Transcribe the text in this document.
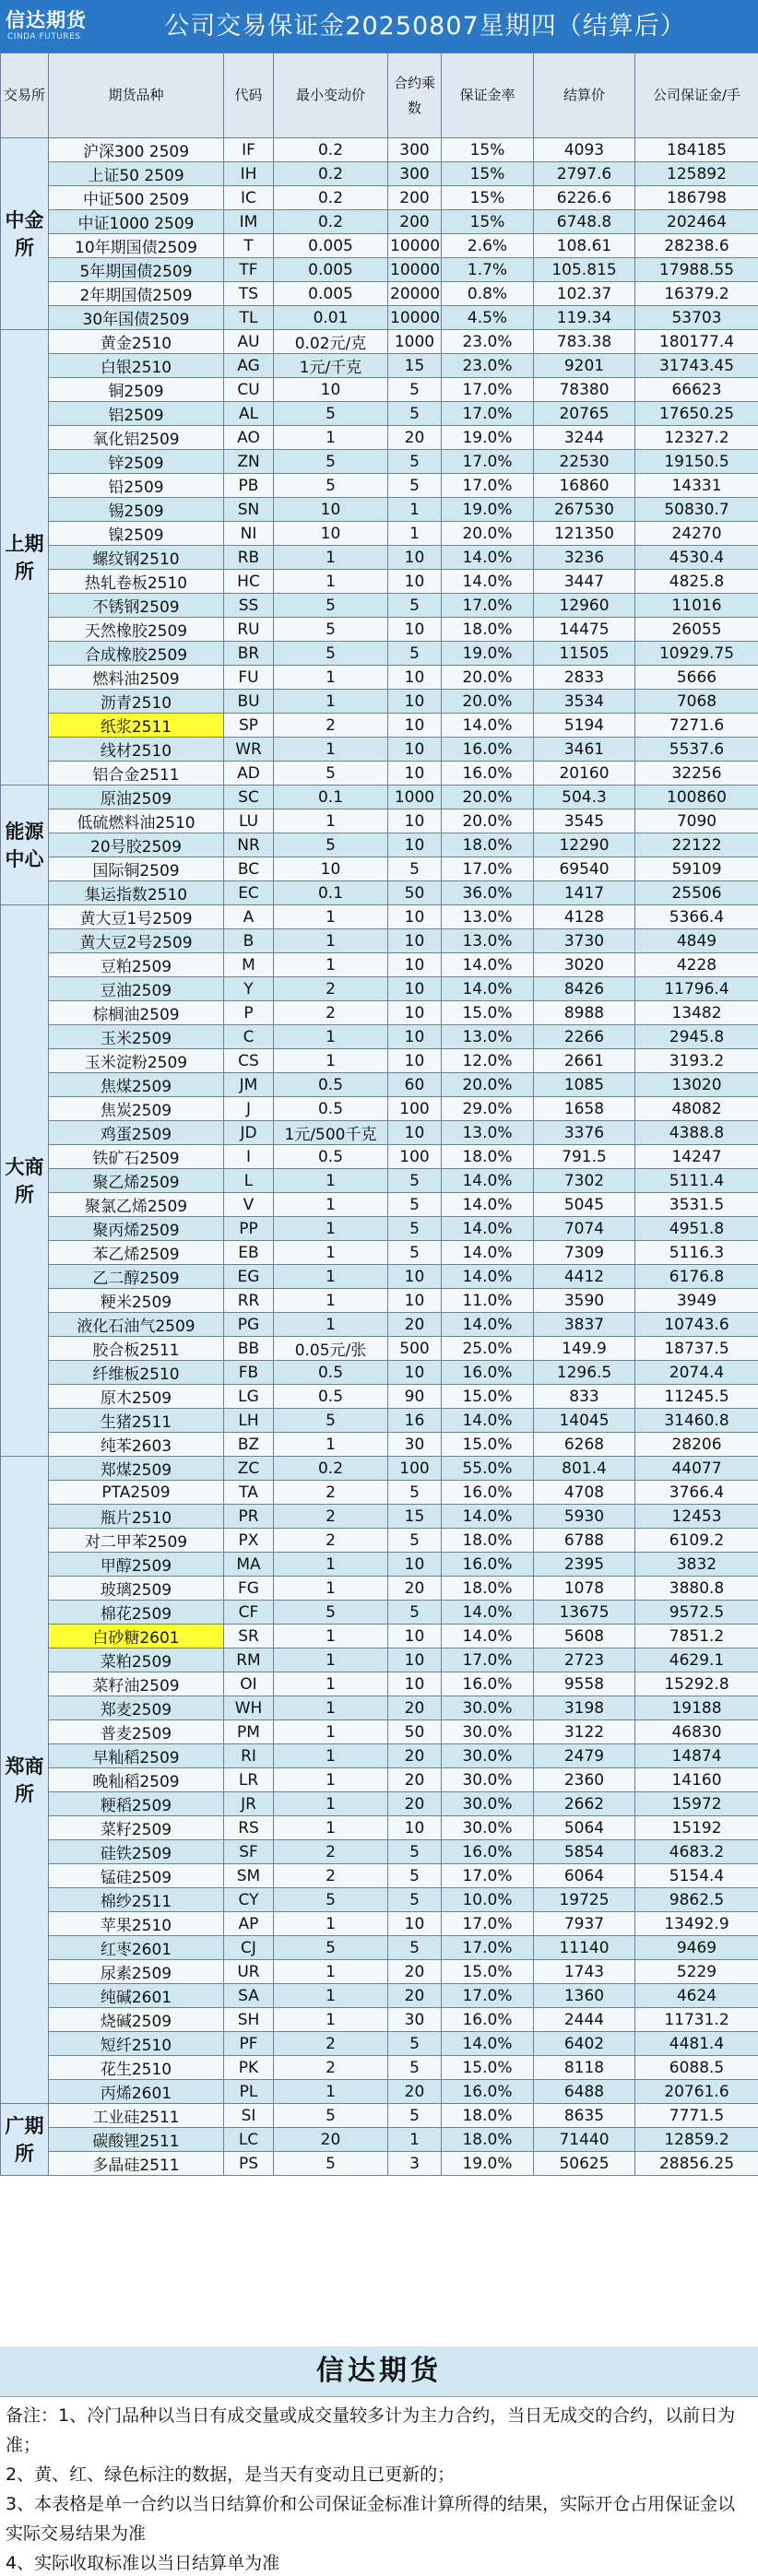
信达期货
CINDA FUTURES	公司交易保证金20250807星期四（结算后）
交易所	期货品种	代码	最小变动价	合约乘数	保证金率	结算价	公司保证金/手
中金所	沪深300 2509	IF	0.2	300	15%	4093	184185
	上证50 2509	IH	0.2	300	15%	2797.6	125892
	中证500 2509	IC	0.2	200	15%	6226.6	186798
	中证1000 2509	IM	0.2	200	15%	6748.8	202464
	10年期国债2509	T	0.005	10000	2.6%	108.61	28238.6
	5年期国债2509	TF	0.005	10000	1.7%	105.815	17988.55
	2年期国债2509	TS	0.005	20000	0.8%	102.37	16379.2
	30年国债2509	TL	0.01	10000	4.5%	119.34	53703
上期所	黄金2510	AU	0.02元/克	1000	23.0%	783.38	180177.4
	白银2510	AG	1元/千克	15	23.0%	9201	31743.45
	铜2509	CU	10	5	17.0%	78380	66623
	铝2509	AL	5	5	17.0%	20765	17650.25
	氧化铝2509	AO	1	20	19.0%	3244	12327.2
	锌2509	ZN	5	5	17.0%	22530	19150.5
	铅2509	PB	5	5	17.0%	16860	14331
	锡2509	SN	10	1	19.0%	267530	50830.7
	镍2509	NI	10	1	20.0%	121350	24270
	螺纹钢2510	RB	1	10	14.0%	3236	4530.4
	热轧卷板2510	HC	1	10	14.0%	3447	4825.8
	不锈钢2509	SS	5	5	17.0%	12960	11016
	天然橡胶2509	RU	5	10	18.0%	14475	26055
	合成橡胶2509	BR	5	5	19.0%	11505	10929.75
	燃料油2509	FU	1	10	20.0%	2833	5666
	沥青2510	BU	1	10	20.0%	3534	7068
	纸浆2511	SP	2	10	14.0%	5194	7271.6
	线材2510	WR	1	10	16.0%	3461	5537.6
	铝合金2511	AD	5	10	16.0%	20160	32256
能源中心	原油2509	SC	0.1	1000	20.0%	504.3	100860
	低硫燃料油2510	LU	1	10	20.0%	3545	7090
	20号胶2509	NR	5	10	18.0%	12290	22122
	国际铜2509	BC	10	5	17.0%	69540	59109
	集运指数2510	EC	0.1	50	36.0%	1417	25506
大商所	黄大豆1号2509	A	1	10	13.0%	4128	5366.4
	黄大豆2号2509	B	1	10	13.0%	3730	4849
	豆粕2509	M	1	10	14.0%	3020	4228
	豆油2509	Y	2	10	14.0%	8426	11796.4
	棕榈油2509	P	2	10	15.0%	8988	13482
	玉米2509	C	1	10	13.0%	2266	2945.8
	玉米淀粉2509	CS	1	10	12.0%	2661	3193.2
	焦煤2509	JM	0.5	60	20.0%	1085	13020
	焦炭2509	J	0.5	100	29.0%	1658	48082
	鸡蛋2509	JD	1元/500千克	10	13.0%	3376	4388.8
	铁矿石2509	I	0.5	100	18.0%	791.5	14247
	聚乙烯2509	L	1	5	14.0%	7302	5111.4
	聚氯乙烯2509	V	1	5	14.0%	5045	3531.5
	聚丙烯2509	PP	1	5	14.0%	7074	4951.8
	苯乙烯2509	EB	1	5	14.0%	7309	5116.3
	乙二醇2509	EG	1	10	14.0%	4412	6176.8
	粳米2509	RR	1	10	11.0%	3590	3949
	液化石油气2509	PG	1	20	14.0%	3837	10743.6
	胶合板2511	BB	0.05元/张	500	25.0%	149.9	18737.5
	纤维板2510	FB	0.5	10	16.0%	1296.5	2074.4
	原木2509	LG	0.5	90	15.0%	833	11245.5
	生猪2511	LH	5	16	14.0%	14045	31460.8
	纯苯2603	BZ	1	30	15.0%	6268	28206
郑商所	郑煤2509	ZC	0.2	100	55.0%	801.4	44077
	PTA2509	TA	2	5	16.0%	4708	3766.4
	瓶片2510	PR	2	15	14.0%	5930	12453
	对二甲苯2509	PX	2	5	18.0%	6788	6109.2
	甲醇2509	MA	1	10	16.0%	2395	3832
	玻璃2509	FG	1	20	18.0%	1078	3880.8
	棉花2509	CF	5	5	14.0%	13675	9572.5
	白砂糖2601	SR	1	10	14.0%	5608	7851.2
	菜粕2509	RM	1	10	17.0%	2723	4629.1
	菜籽油2509	OI	1	10	16.0%	9558	15292.8
	郑麦2509	WH	1	20	30.0%	3198	19188
	普麦2509	PM	1	50	30.0%	3122	46830
	早籼稻2509	RI	1	20	30.0%	2479	14874
	晚籼稻2509	LR	1	20	30.0%	2360	14160
	粳稻2509	JR	1	20	30.0%	2662	15972
	菜籽2509	RS	1	10	30.0%	5064	15192
	硅铁2509	SF	2	5	16.0%	5854	4683.2
	锰硅2509	SM	2	5	17.0%	6064	5154.4
	棉纱2511	CY	5	5	10.0%	19725	9862.5
	苹果2510	AP	1	10	17.0%	7937	13492.9
	红枣2601	CJ	5	5	17.0%	11140	9469
	尿素2509	UR	1	20	15.0%	1743	5229
	纯碱2601	SA	1	20	17.0%	1360	4624
	烧碱2509	SH	1	30	16.0%	2444	11731.2
	短纤2510	PF	2	5	14.0%	6402	4481.4
	花生2510	PK	2	5	15.0%	8118	6088.5
	丙烯2601	PL	1	20	16.0%	6488	20761.6
广期所	工业硅2511	SI	5	5	18.0%	8635	7771.5
	碳酸锂2511	LC	20	1	18.0%	71440	12859.2
	多晶硅2511	PS	5	3	19.0%	50625	28856.25
信达期货
备注：1、冷门品种以当日有成交量或成交量较多计为主力合约，当日无成交的合约，以前日为准；
2、黄、红、绿色标注的数据，是当天有变动且已更新的；
3、本表格是单一合约以当日结算价和公司保证金标准计算所得的结果，实际开仓占用保证金以实际交易结果为准
4、实际收取标准以当日结算单为准
